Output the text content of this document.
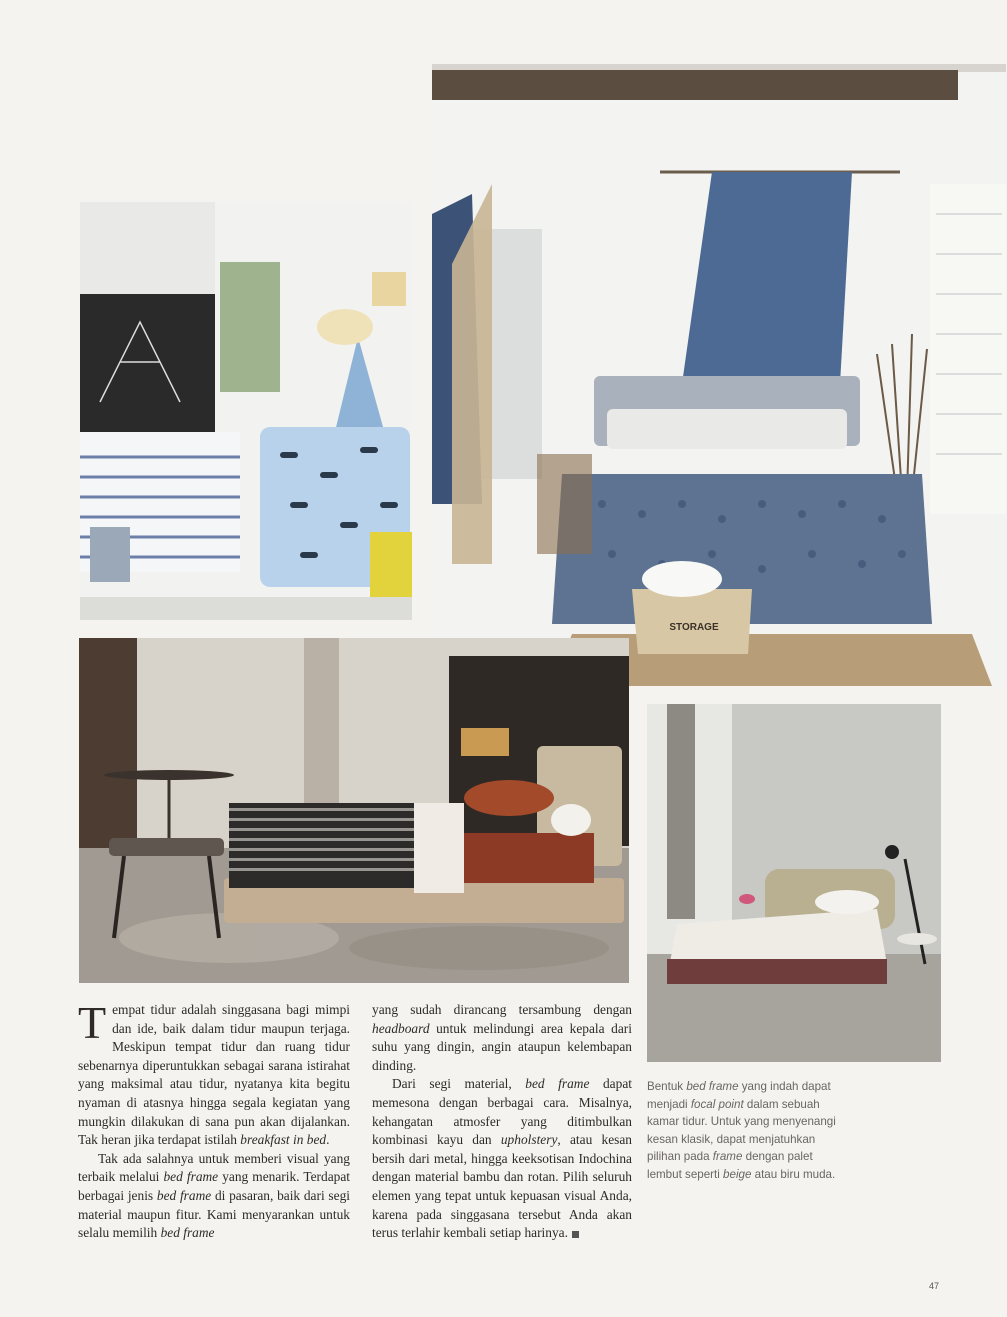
STORAGE

Tempat tidur adalah singgasana bagi mimpi dan ide, baik dalam tidur maupun terjaga. Meskipun tempat tidur dan ruang tidur sebenarnya diperuntukkan sebagai sarana istirahat yang maksimal atau tidur, nyatanya kita begitu nyaman di atasnya hingga segala kegiatan yang mungkin dilakukan di sana pun akan dijalankan. Tak heran jika terdapat istilah breakfast in bed.

Tak ada salahnya untuk memberi visual yang terbaik melalui bed frame yang menarik. Terdapat berbagai jenis bed frame di pasaran, baik dari segi material maupun fitur. Kami menyarankan untuk selalu memilih bed frame

yang sudah dirancang tersambung dengan headboard untuk melindungi area kepala dari suhu yang dingin, angin ataupun kelembapan dinding.

Dari segi material, bed frame dapat memesona dengan berbagai cara. Misalnya, kehangatan atmosfer yang ditimbulkan kombinasi kayu dan upholstery, atau kesan bersih dari metal, hingga keeksotisan Indochina dengan material bambu dan rotan. Pilih seluruh elemen yang tepat untuk kepuasan visual Anda, karena pada singgasana tersebut Anda akan terus terlahir kembali setiap harinya.

Bentuk bed frame yang indah dapat menjadi focal point dalam sebuah kamar tidur. Untuk yang menyenangi kesan klasik, dapat menjatuhkan pilihan pada frame dengan palet lembut seperti beige atau biru muda.
47
